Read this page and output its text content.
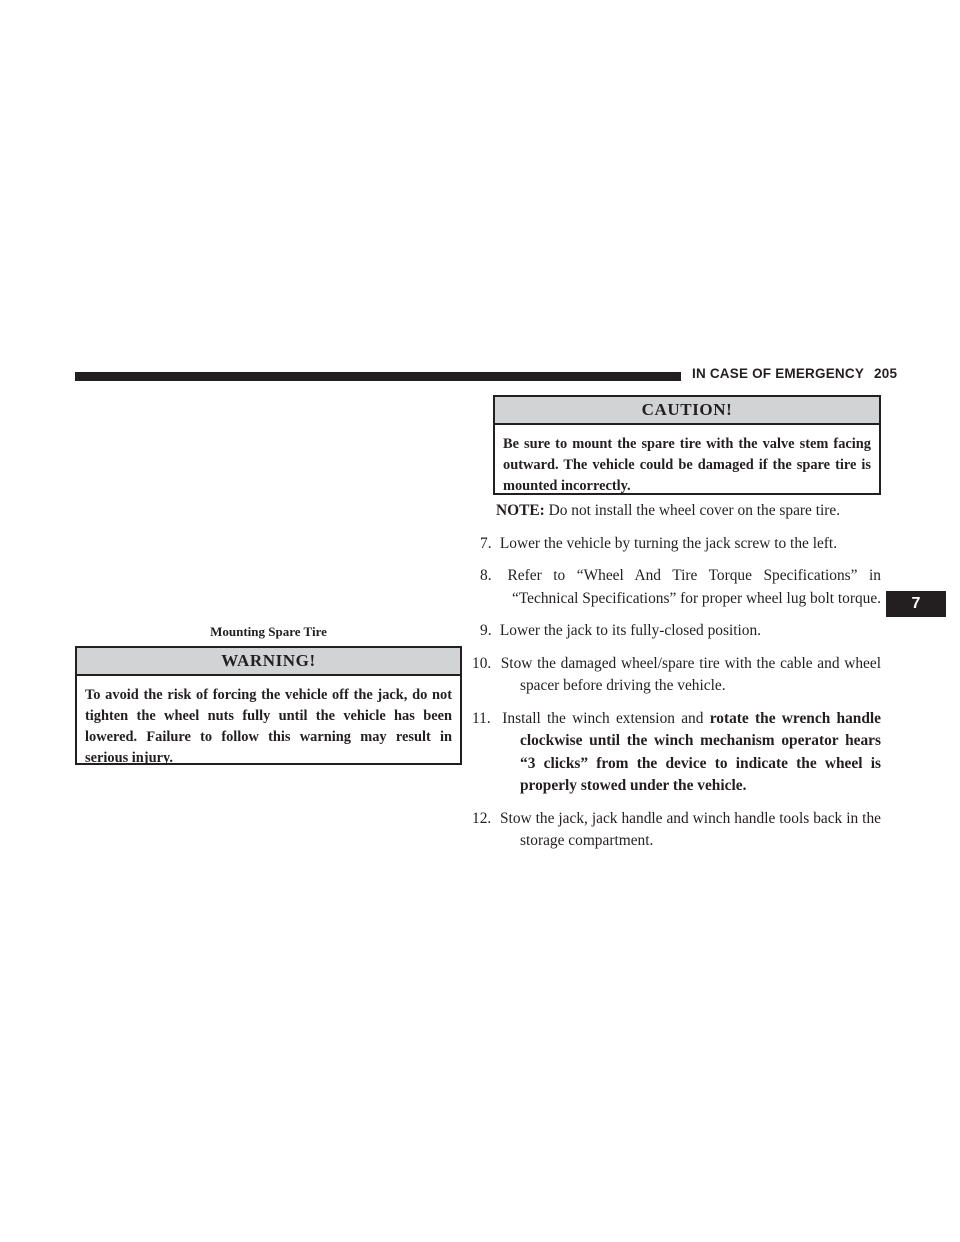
IN CASE OF EMERGENCY 205
7
Mounting Spare Tire
WARNING!
To avoid the risk of forcing the vehicle off the jack, do not tighten the wheel nuts fully until the vehicle has been lowered. Failure to follow this warning may result in serious injury.
CAUTION!
Be sure to mount the spare tire with the valve stem facing outward. The vehicle could be damaged if the spare tire is mounted incorrectly.

NOTE: Do not install the wheel cover on the spare tire.

7. Lower the vehicle by turning the jack screw to the left.

8. Refer to “Wheel And Tire Torque Specifications” in “Technical Specifications” for proper wheel lug bolt torque.

9. Lower the jack to its fully-closed position.

10. Stow the damaged wheel/spare tire with the cable and wheel spacer before driving the vehicle.

11. Install the winch extension and rotate the wrench handle clockwise until the winch mechanism operator hears “3 clicks” from the device to indicate the wheel is properly stowed under the vehicle.

12. Stow the jack, jack handle and winch handle tools back in the storage compartment.
